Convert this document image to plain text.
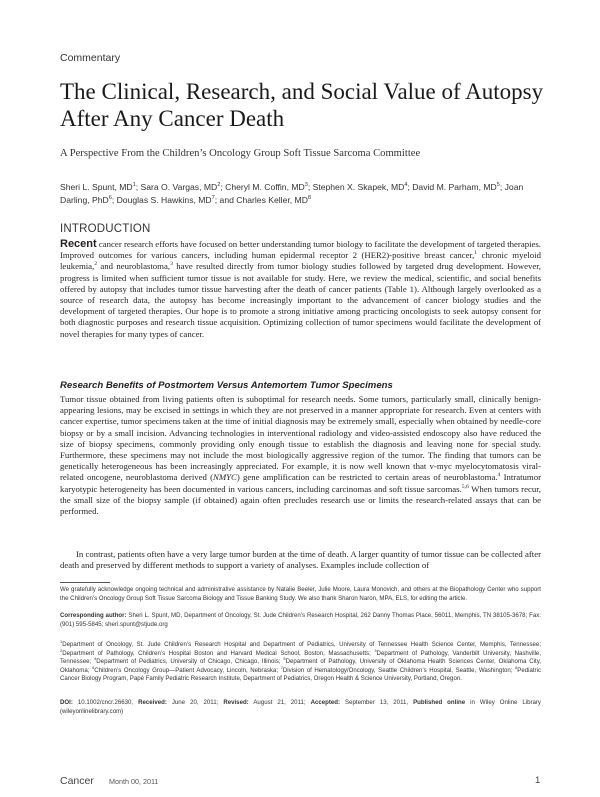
Commentary
The Clinical, Research, and Social Value of Autopsy After Any Cancer Death
A Perspective From the Children’s Oncology Group Soft Tissue Sarcoma Committee
Sheri L. Spunt, $MD^1$; Sara O. Vargas, $MD^2$; Cheryl M. Coffin, $MD^3$; Stephen X. Skapek, $MD^4$; David M. Parham, $MD^5$; Joan Darling, PhD$^6$; Douglas S. Hawkins, $MD^7$; and Charles Keller, $MD^8$
INTRODUCTION
Recent cancer research efforts have focused on better understanding tumor biology to facilitate the development of targeted therapies. Improved outcomes for various cancers, including human epidermal receptor 2 (HER2)-positive breast cancer,$^1$ chronic myeloid leukemia,$^2$ and neuroblastoma,$^3$ have resulted directly from tumor biology studies followed by targeted drug development. However, progress is limited when sufficient tumor tissue is not available for study. Here, we review the medical, scientific, and social benefits offered by autopsy that includes tumor tissue harvesting after the death of cancer patients (Table 1). Although largely overlooked as a source of research data, the autopsy has become increasingly important to the advancement of cancer biology studies and the development of targeted therapies. Our hope is to promote a strong initiative among practicing oncologists to seek autopsy consent for both diagnostic purposes and research tissue acquisition. Optimizing collection of tumor specimens would facilitate the development of novel therapies for many types of cancer.
Research Benefits of Postmortem Versus Antemortem Tumor Specimens
Tumor tissue obtained from living patients often is suboptimal for research needs. Some tumors, particularly small, clinically benign-appearing lesions, may be excised in settings in which they are not preserved in a manner appropriate for research. Even at centers with cancer expertise, tumor specimens taken at the time of initial diagnosis may be extremely small, especially when obtained by needle-core biopsy or by a small incision. Advancing technologies in interventional radiology and video-assisted endoscopy also have reduced the size of biopsy specimens, commonly providing only enough tissue to establish the diagnosis and leaving none for special study. Furthermore, these specimens may not include the most biologically aggressive region of the tumor. The finding that tumors can be genetically heterogeneous has been increasingly appreciated. For example, it is now well known that v-myc myelocytomatosis viral-related oncogene, neuroblastoma derived (NMYC) gene amplification can be restricted to certain areas of neuroblastoma.$^4$ Intratumor karyotypic heterogeneity has been documented in various cancers, including carcinomas and soft tissue sarcomas.$^{5,6}$ When tumors recur, the small size of the biopsy sample (if obtained) again often precludes research use or limits the research-related assays that can be performed.
In contrast, patients often have a very large tumor burden at the time of death. A larger quantity of tumor tissue can be collected after death and preserved by different methods to support a variety of analyses. Examples include collection of
We gratefully acknowledge ongoing technical and administrative assistance by Natalie Beeler, Julie Moore, Laura Monovich, and others at the Biopathology Center who support the Children’s Oncology Group Soft Tissue Sarcoma Biology and Tissue Banking Study. We also thank Sharon Naron, MPA, ELS, for editing the article.
Corresponding author: Sheri L. Spunt, MD, Department of Oncology, St. Jude Children’s Research Hospital, 262 Danny Thomas Place, 56011, Memphis, TN 38105-3678; Fax: (901) 595-5845; sheri.spunt@stjude.org
$^1$Department of Oncology, St. Jude Children’s Research Hospital and Department of Pediatrics, University of Tennessee Health Science Center, Memphis, Tennessee; $^2$Department of Pathology, Children’s Hospital Boston and Harvard Medical School, Boston, Massachusetts; $^3$Department of Pathology, Vanderbilt University, Nashville, Tennessee; $^4$Department of Pediatrics, University of Chicago, Chicago, Illinois; $^5$Department of Pathology, University of Oklahoma Health Sciences Center, Oklahoma City, Oklahoma; $^6$Children’s Oncology Group—Patient Advocacy, Lincoln, Nebraska; $^7$Division of Hematology/Oncology, Seattle Children’s Hospital, Seattle, Washington; $^8$Pediatric Cancer Biology Program, Papé Family Pediatric Research Institute, Department of Pediatrics, Oregon Health & Science University, Portland, Oregon.
DOI: 10.1002/cncr.26630, Received: June 20, 2011; Revised: August 21, 2011; Accepted: September 13, 2011, Published online in Wiley Online Library (wileyonlinelibrary.com)
Cancer Month 00, 2011	1
